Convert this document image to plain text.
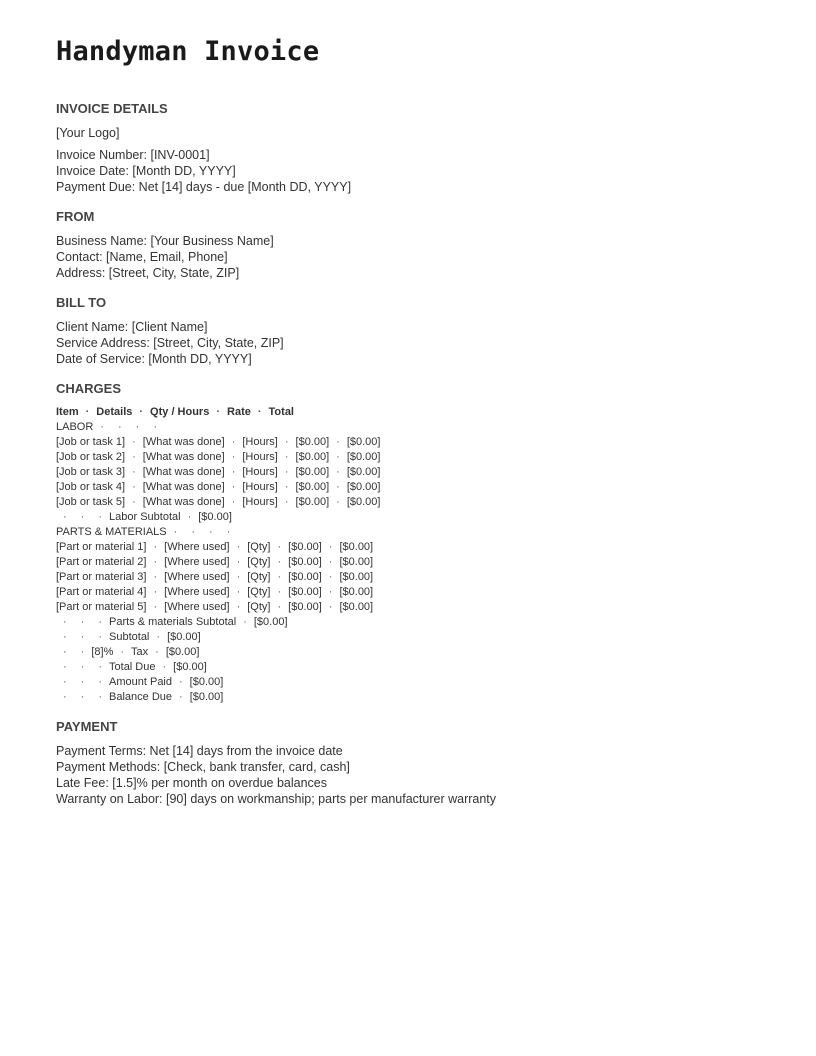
Handyman Invoice
INVOICE DETAILS
[Your Logo]
Invoice Number: [INV-0001]
Invoice Date: [Month DD, YYYY]
Payment Due: Net [14] days - due [Month DD, YYYY]
FROM
Business Name: [Your Business Name]
Contact: [Name, Email, Phone]
Address: [Street, City, State, ZIP]
BILL TO
Client Name: [Client Name]
Service Address: [Street, City, State, ZIP]
Date of Service: [Month DD, YYYY]
CHARGES
Item · Details · Qty / Hours · Rate · Total
LABOR · · · ·
[Job or task 1] · [What was done] · [Hours] · [$0.00] · [$0.00]
[Job or task 2] · [What was done] · [Hours] · [$0.00] · [$0.00]
[Job or task 3] · [What was done] · [Hours] · [$0.00] · [$0.00]
[Job or task 4] · [What was done] · [Hours] · [$0.00] · [$0.00]
[Job or task 5] · [What was done] · [Hours] · [$0.00] · [$0.00]
· · · Labor Subtotal · [$0.00]
PARTS & MATERIALS · · · ·
[Part or material 1] · [Where used] · [Qty] · [$0.00] · [$0.00]
[Part or material 2] · [Where used] · [Qty] · [$0.00] · [$0.00]
[Part or material 3] · [Where used] · [Qty] · [$0.00] · [$0.00]
[Part or material 4] · [Where used] · [Qty] · [$0.00] · [$0.00]
[Part or material 5] · [Where used] · [Qty] · [$0.00] · [$0.00]
· · · Parts & materials Subtotal · [$0.00]
· · · Subtotal · [$0.00]
· · [8]% · Tax · [$0.00]
· · · Total Due · [$0.00]
· · · Amount Paid · [$0.00]
· · · Balance Due · [$0.00]
PAYMENT
Payment Terms: Net [14] days from the invoice date
Payment Methods: [Check, bank transfer, card, cash]
Late Fee: [1.5]% per month on overdue balances
Warranty on Labor: [90] days on workmanship; parts per manufacturer warranty
